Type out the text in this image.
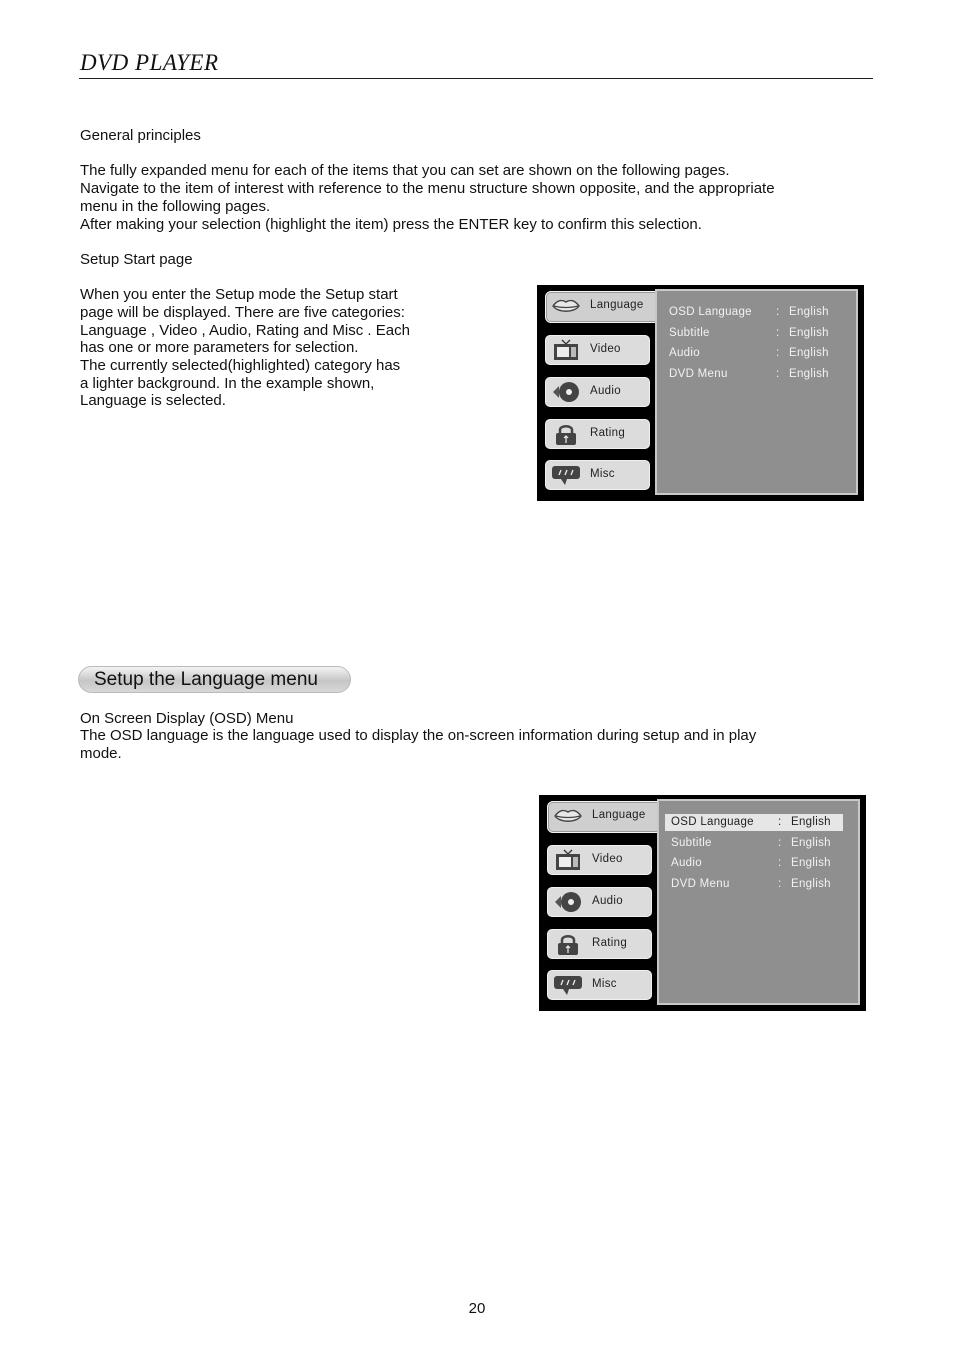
DVD PLAYER

General principles

The fully expanded menu for each of the items that you can set are shown on the following pages.

Navigate to the item of interest with reference to the menu structure shown opposite, and the appropriate

menu in the following pages.

After making your selection (highlight the item) press the ENTER key to confirm this selection.

Setup Start page

When you enter the Setup mode the Setup start

page will be displayed. There are five categories:

Language , Video , Audio, Rating and Misc . Each

has one or more parameters for selection.

The currently selected(highlighted) category has

a lighter background. In the example shown,

Language is selected.

Language
Video
Audio
Rating
Misc
OSD Language : English
Subtitle	: English
Audio	: English
DVD Menu	: English
Setup the Language menu

On Screen Display (OSD) Menu

The OSD language is the language used to display the on-screen information during setup and in play

mode.

Language
Video
Audio
Rating
Misc
OSD Language : English
Subtitle	: English
Audio	: English
DVD Menu	: English
20
